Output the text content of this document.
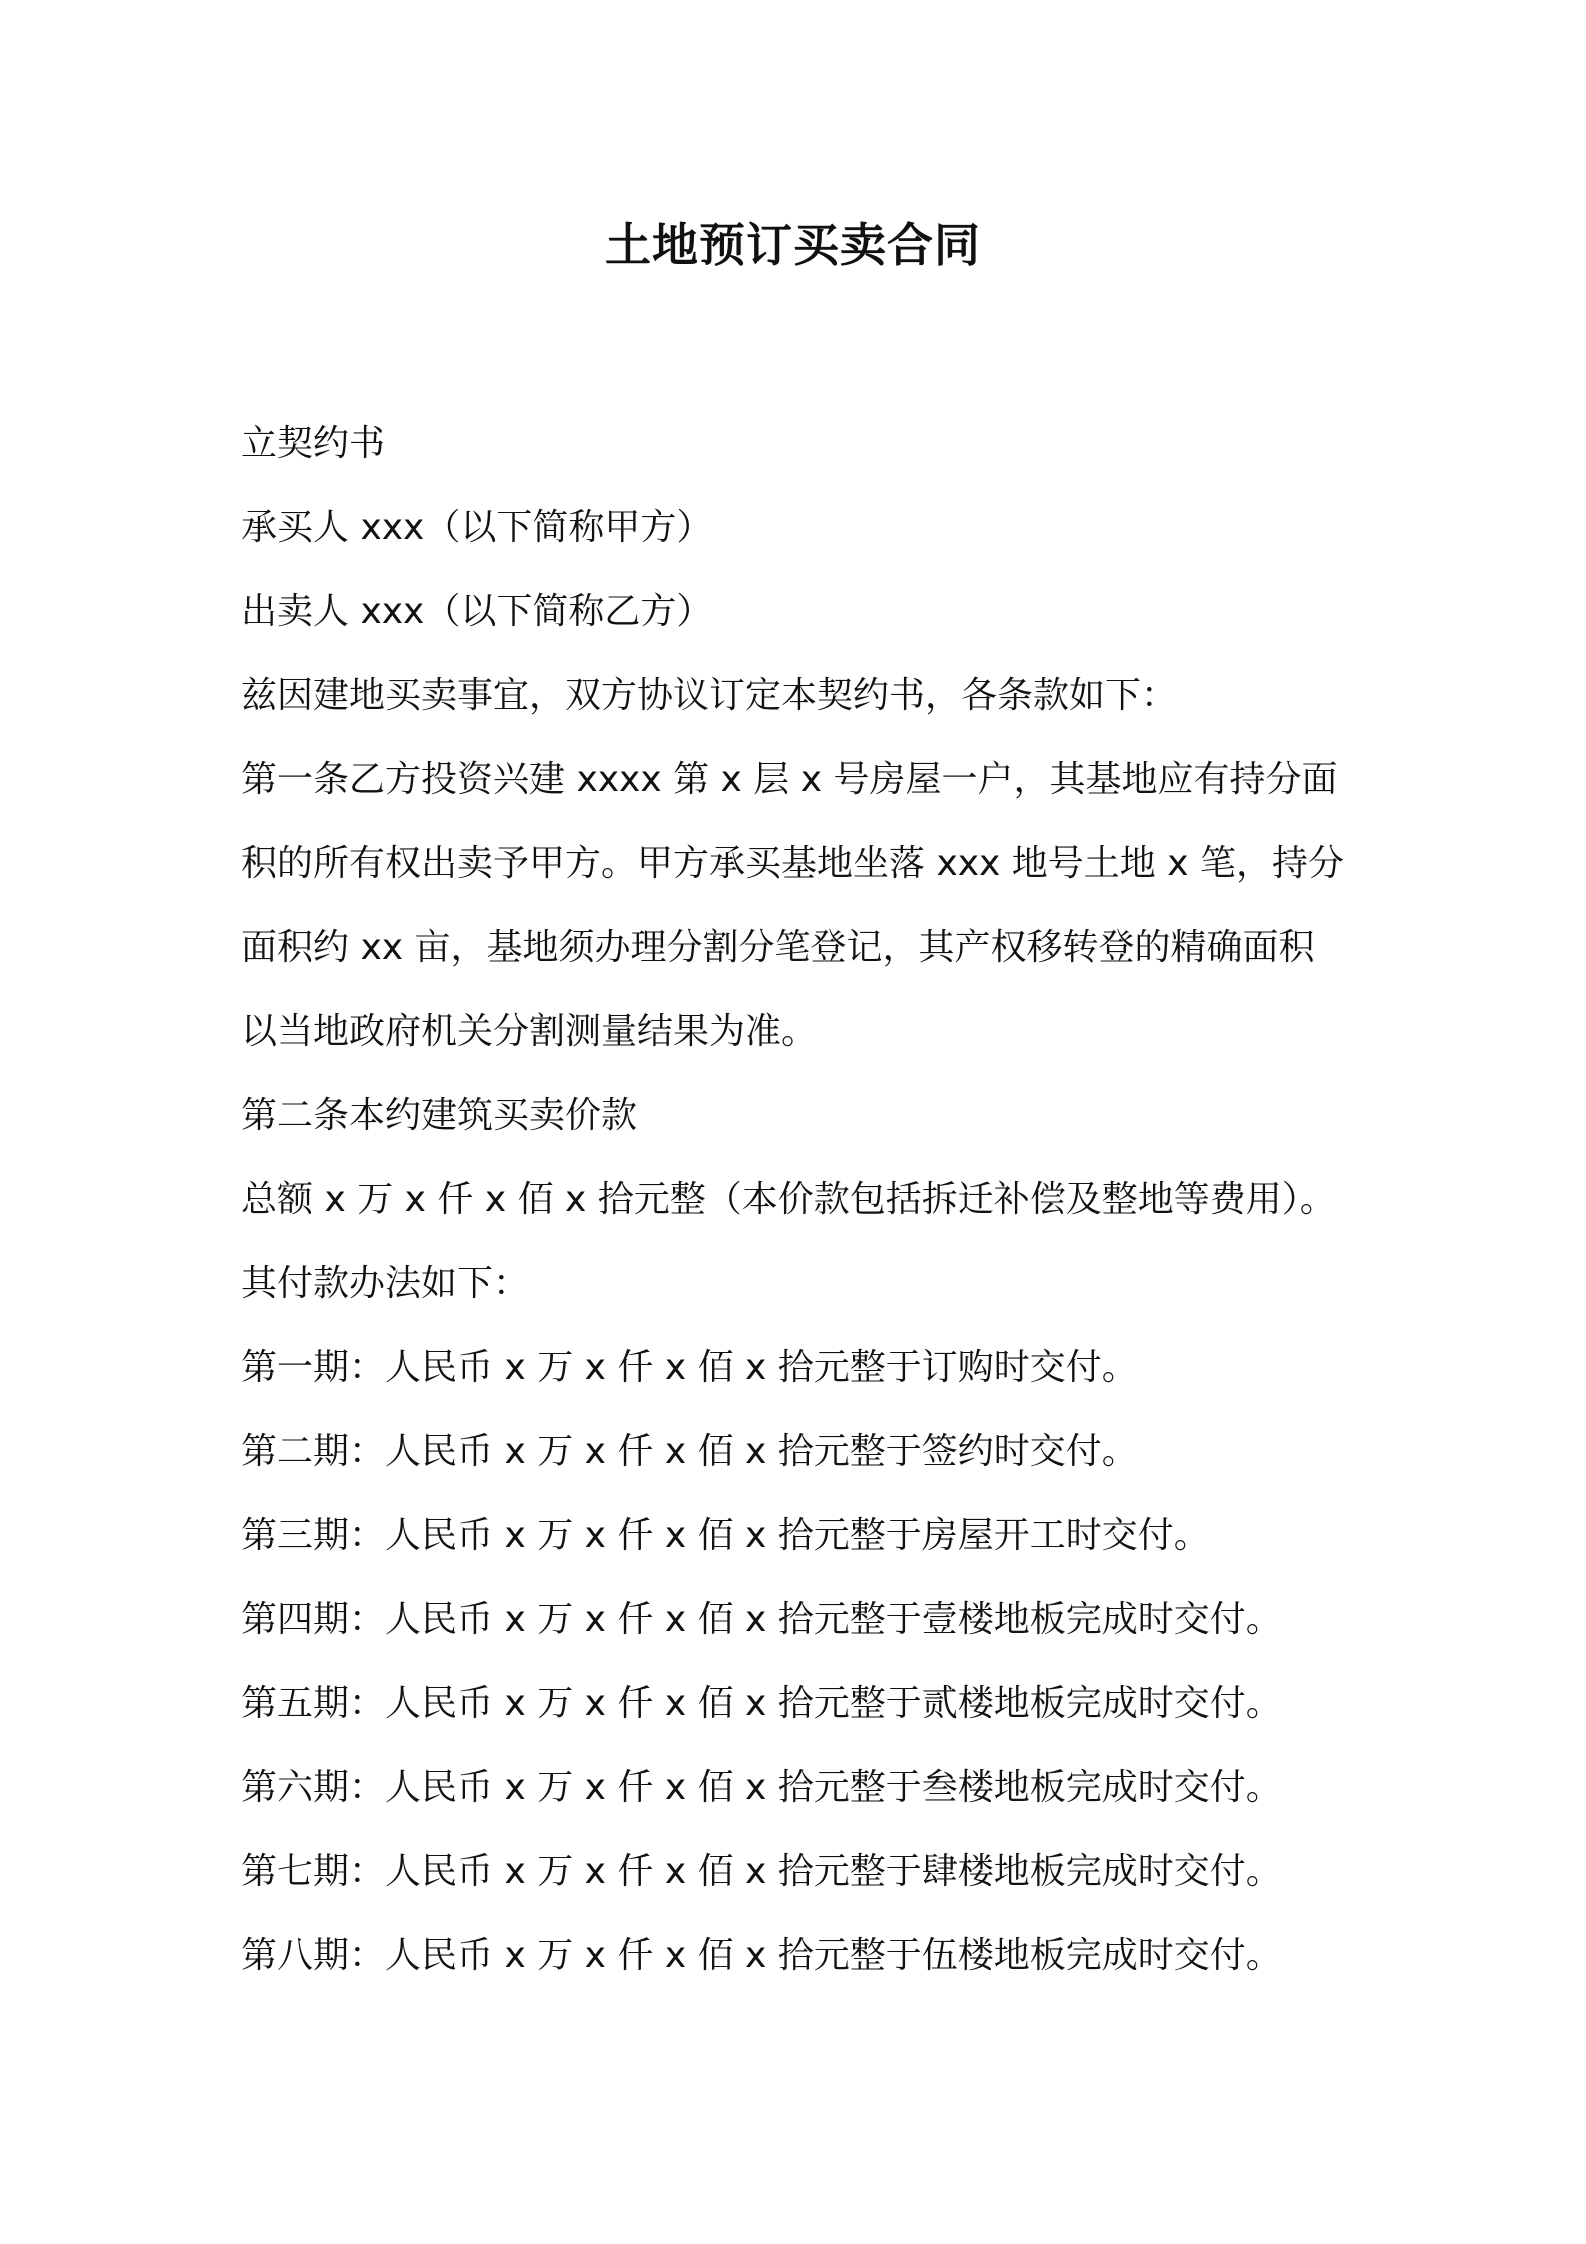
土地预订买卖合同

立契约书

承买人 xxx（以下简称甲方）

出卖人 xxx（以下简称乙方）

兹因建地买卖事宜，双方协议订定本契约书，各条款如下：

第一条乙方投资兴建 xxxx 第 x 层 x 号房屋一户，其基地应有持分面

积的所有权出卖予甲方。甲方承买基地坐落 xxx 地号土地 x 笔，持分

面积约 xx 亩，基地须办理分割分笔登记，其产权移转登的精确面积

以当地政府机关分割测量结果为准。

第二条本约建筑买卖价款

总额 x 万 x 仟 x 佰 x 拾元整（本价款包括拆迁补偿及整地等费用）。

其付款办法如下：

第一期：人民币 x 万 x 仟 x 佰 x 拾元整于订购时交付。

第二期：人民币 x 万 x 仟 x 佰 x 拾元整于签约时交付。

第三期：人民币 x 万 x 仟 x 佰 x 拾元整于房屋开工时交付。

第四期：人民币 x 万 x 仟 x 佰 x 拾元整于壹楼地板完成时交付。

第五期：人民币 x 万 x 仟 x 佰 x 拾元整于贰楼地板完成时交付。

第六期：人民币 x 万 x 仟 x 佰 x 拾元整于叁楼地板完成时交付。

第七期：人民币 x 万 x 仟 x 佰 x 拾元整于肆楼地板完成时交付。

第八期：人民币 x 万 x 仟 x 佰 x 拾元整于伍楼地板完成时交付。
